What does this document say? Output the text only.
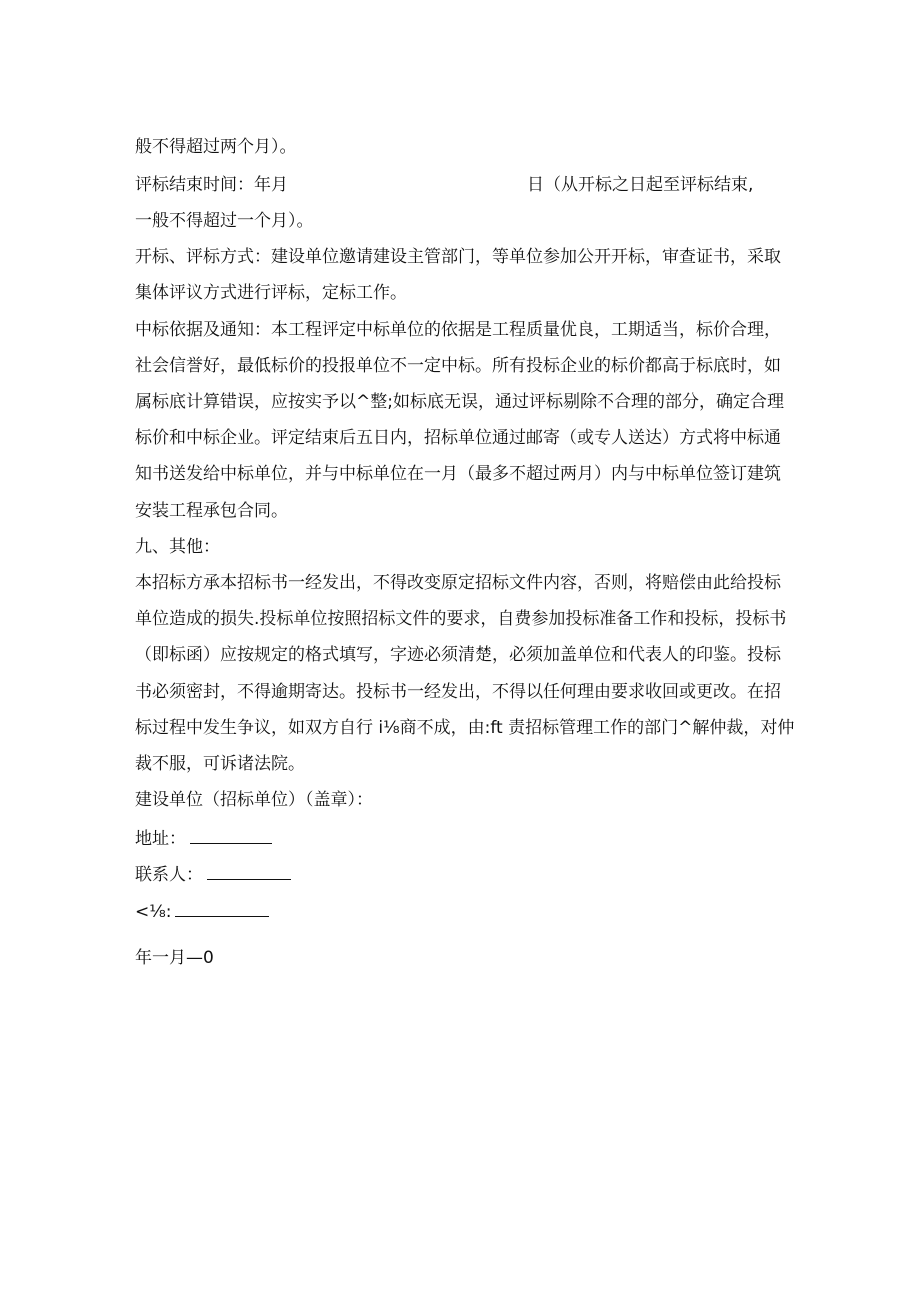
般不得超过两个月）。

评标结束时间：年月	日（从开标之日起至评标结束,

一般不得超过一个月）。

开标、评标方式：建设单位邀请建设主管部门，等单位参加公开开标，审查证书，采取

集体评议方式进行评标，定标工作。

中标依据及通知：本工程评定中标单位的依据是工程质量优良，工期适当，标价合理，

社会信誉好，最低标价的投报单位不一定中标。所有投标企业的标价都高于标底时，如

属标底计算错误，应按实予以^整;如标底无误，通过评标剔除不合理的部分，确定合理

标价和中标企业。评定结束后五日内，招标单位通过邮寄（或专人送达）方式将中标通

知书送发给中标单位，并与中标单位在一月（最多不超过两月）内与中标单位签订建筑

安装工程承包合同。

九、其他：

本招标方承本招标书一经发出，不得改变原定招标文件内容，否则，将赔偿由此给投标

单位造成的损失.投标单位按照招标文件的要求，自费参加投标准备工作和投标，投标书

（即标函）应按规定的格式填写，字迹必须清楚，必须加盖单位和代表人的印鉴。投标

书必须密封，不得逾期寄达。投标书一经发出，不得以任何理由要求收回或更改。在招

标过程中发生争议，如双方自行 i⅛商不成，由:ft 责招标管理工作的部门^解仲裁，对仲

裁不服，可诉诸法院。

建设单位（招标单位）（盖章）：

地址：

联系人：

<⅛:

年一月—0
